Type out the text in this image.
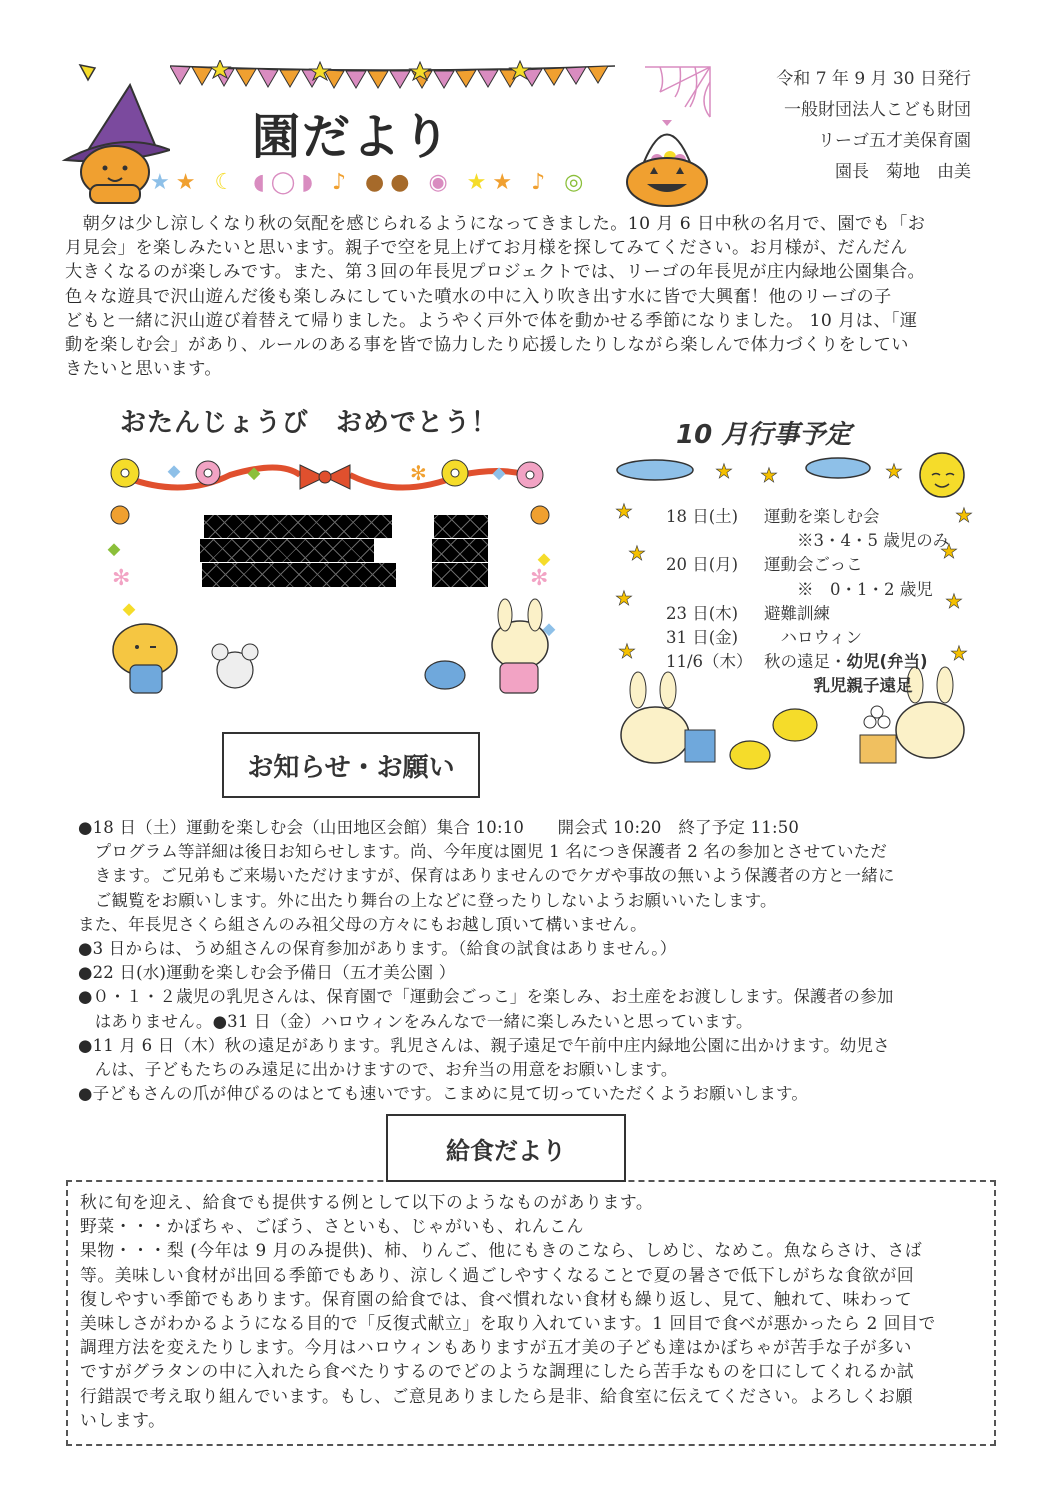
園だより
★★ ☾ ◖◯◗ ♪ ●● ◉ ★★ ♪ ◎
令和 7 年 9 月 30 日発行
一般財団法人こども財団
リーゴ五才美保育園
園長　菊地　由美
　朝夕は少し涼しくなり秋の気配を感じられるようになってきました。10 月 6 日中秋の名月で、園でも「お
月見会」を楽しみたいと思います。親子で空を見上げてお月様を探してみてください。お月様が、だんだん
大きくなるのが楽しみです。また、第３回の年長児プロジェクトでは、リーゴの年長児が庄内緑地公園集合。
色々な遊具で沢山遊んだ後も楽しみにしていた噴水の中に入り吹き出す水に皆で大興奮！他のリーゴの子
どもと一緒に沢山遊び着替えて帰りました。ようやく戸外で体を動かせる季節になりました。 10 月は、「運
動を楽しむ会」があり、ルールのある事を皆で協力したり応援したりしながら楽しんで体力づくりをしてい
きたいと思います。
おたんじょうび　おめでとう！
✻	✻
✻
10 月行事予定
★ ★	★
★	★
★	★
★	★
★	★
18 日(土) 運動を楽しむ会
　　※3・4・5 歳児のみ
20 日(月) 運動会ごっこ
　　※　0・1・2 歳児
23 日(木) 避難訓練
31 日(金)　ハロウィン
11/6（木） 秋の遠足・幼児(弁当)
　　　乳児親子遠足
お知らせ・お願い
●18 日（土）運動を楽しむ会（山田地区会館）集合 10:10　　開会式 10:20　終了予定 11:50
　プログラム等詳細は後日お知らせします。尚、今年度は園児 1 名につき保護者 2 名の参加とさせていただ
　きます。ご兄弟もご来場いただけますが、保育はありませんのでケガや事故の無いよう保護者の方と一緒に
　ご観覧をお願いします。外に出たり舞台の上などに登ったりしないようお願いいたします。
また、年長児さくら組さんのみ祖父母の方々にもお越し頂いて構いません。
●3 日からは、うめ組さんの保育参加があります。（給食の試食はありません。）
●22 日(水)運動を楽しむ会予備日（五才美公園 ）
●０・１・２歳児の乳児さんは、保育園で「運動会ごっこ」を楽しみ、お土産をお渡しします。保護者の参加
　はありません。●31 日（金）ハロウィンをみんなで一緒に楽しみたいと思っています。
●11 月 6 日（木）秋の遠足があります。乳児さんは、親子遠足で午前中庄内緑地公園に出かけます。幼児さ
　んは、子どもたちのみ遠足に出かけますので、お弁当の用意をお願いします。
●子どもさんの爪が伸びるのはとても速いです。こまめに見て切っていただくようお願いします。
給食だより
秋に旬を迎え、給食でも提供する例として以下のようなものがあります。
野菜・・・かぼちゃ、ごぼう、さといも、じゃがいも、れんこん
果物・・・梨 (今年は 9 月のみ提供)、柿、りんご、他にもきのこなら、しめじ、なめこ。魚ならさけ、さば
等。美味しい食材が出回る季節でもあり、涼しく過ごしやすくなることで夏の暑さで低下しがちな食欲が回
復しやすい季節でもあります。保育園の給食では、食べ慣れない食材も繰り返し、見て、触れて、味わって
美味しさがわかるようになる目的で「反復式献立」を取り入れています。1 回目で食べが悪かったら 2 回目で
調理方法を変えたりします。今月はハロウィンもありますが五才美の子ども達はかぼちゃが苦手な子が多い
ですがグラタンの中に入れたら食べたりするのでどのような調理にしたら苦手なものを口にしてくれるか試
行錯誤で考え取り組んでいます。もし、ご意見ありましたら是非、給食室に伝えてください。よろしくお願
いします。
